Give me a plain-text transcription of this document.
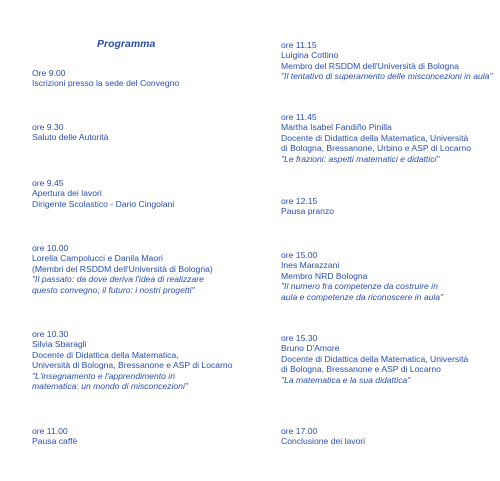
Programma
Ore 9.00
Iscrizioni presso la sede del Convegno
ore 9.30
Saluto delle Autorità
ore 9.45
Apertura dei lavori
Dirigente Scolastico - Dario Cingolani
ore 10.00
Lorella Campolucci e Danila Maori
(Membri del RSDDM dell'Università di Bologna)
"Il passato: da dove deriva l'idea di realizzare
questo convegno; il futuro: i nostri progetti"
ore 10.30
Silvia Sbaragli
Docente di Didattica della Matematica,
Università di Bologna, Bressanone e ASP di Locarno
"L'insegnamento e l'apprendimento in
matematica: un mondo di misconcezioni"
ore 11.00
Pausa caffè
ore 11.15
Luigina Cottino
Membro del RSDDM dell'Università di Bologna
"Il tentativo di superamento delle misconcezioni in aula"
ore 11.45
Martha Isabel Fandiño Pinilla
Docente di Didattica della Matematica, Università
di Bologna, Bressanone, Urbino e ASP di Locarno
"Le frazioni: aspetti matematici e didattici"
ore 12.15
Pausa pranzo
ore 15.00
Ines Marazzani
Membro NRD Bologna
"Il numero fra competenze da costruire in
aula e competenze da riconoscere in aula"
ore 15.30
Bruno D'Amore
Docente di Didattica della Matematica, Università
di Bologna, Bressanone e ASP di Locarno
"La matematica e la sua didattica"
ore 17.00
Conclusione dei lavori
